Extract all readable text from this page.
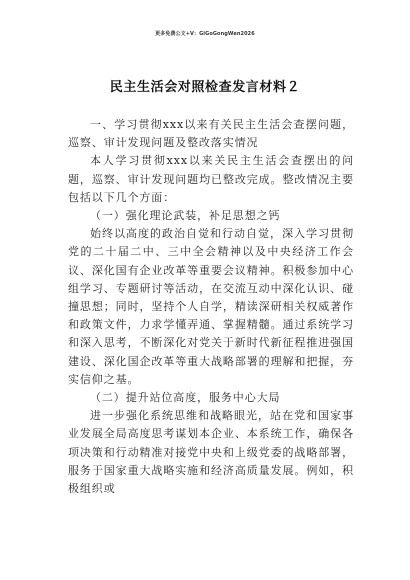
更多免费公文+V：GiGoGongWen2026
民主生活会对照检查发言材料２

一、学习贯彻xxx以来有关民主生活会查摆问题，巡察、审计发现问题及整改落实情况

本人学习贯彻xxx以来关民主生活会查摆出的问题，巡察、审计发现问题均已整改完成。整改情况主要包括以下几个方面：

（一）强化理论武装，补足思想之钙

始终以高度的政治自觉和行动自觉，深入学习贯彻党的二十届二中、三中全会精神以及中央经济工作会议、深化国有企业改革等重要会议精神。积极参加中心组学习、专题研讨等活动，在交流互动中深化认识、碰撞思想；同时，坚持个人自学，精读深研相关权威著作和政策文件，力求学懂弄通、掌握精髓。通过系统学习和深入思考，不断深化对党关于新时代新征程推进强国建设、深化国企改革等重大战略部署的理解和把握，夯实信仰之基。

（二）提升站位高度，服务中心大局

进一步强化系统思维和战略眼光，站在党和国家事业发展全局高度思考谋划本企业、本系统工作，确保各项决策和行动精准对接党中央和上级党委的战略部署，服务于国家重大战略实施和经济高质量发展。例如，积极组织或
